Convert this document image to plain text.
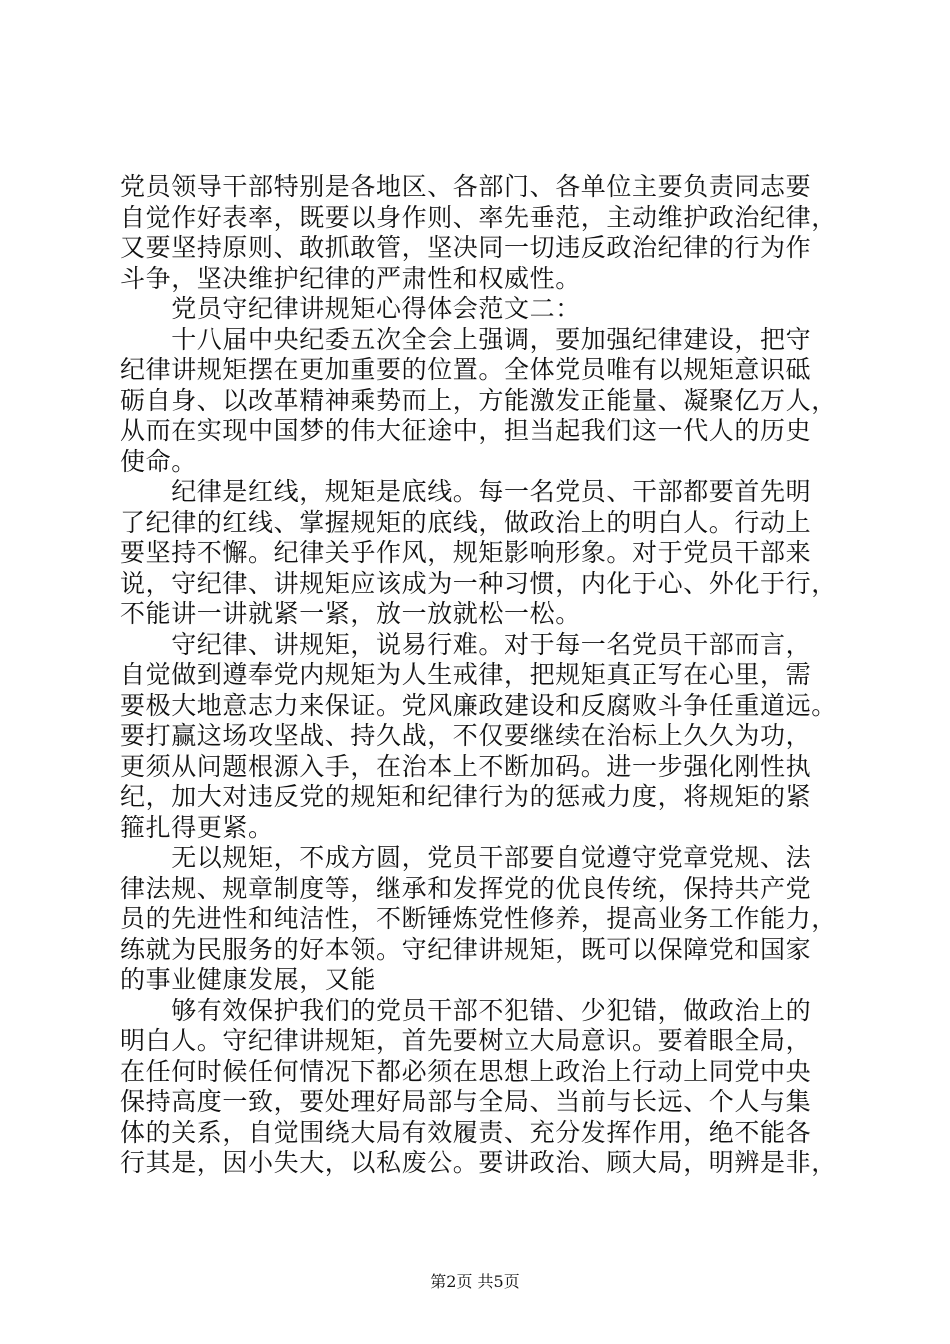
党员领导干部特别是各地区、各部门、各单位主要负责同志要
自觉作好表率，既要以身作则、率先垂范，主动维护政治纪律，
又要坚持原则、敢抓敢管，坚决同一切违反政治纪律的行为作
斗争，坚决维护纪律的严肃性和权威性。
　　党员守纪律讲规矩心得体会范文二：
　　十八届中央纪委五次全会上强调，要加强纪律建设，把守
纪律讲规矩摆在更加重要的位置。全体党员唯有以规矩意识砥
砺自身、以改革精神乘势而上，方能激发正能量、凝聚亿万人，
从而在实现中国梦的伟大征途中，担当起我们这一代人的历史
使命。
　　纪律是红线，规矩是底线。每一名党员、干部都要首先明
了纪律的红线、掌握规矩的底线，做政治上的明白人。行动上
要坚持不懈。纪律关乎作风，规矩影响形象。对于党员干部来
说，守纪律、讲规矩应该成为一种习惯，内化于心、外化于行，
不能讲一讲就紧一紧，放一放就松一松。
　　守纪律、讲规矩，说易行难。对于每一名党员干部而言，
自觉做到遵奉党内规矩为人生戒律，把规矩真正写在心里，需
要极大地意志力来保证。党风廉政建设和反腐败斗争任重道远。
要打赢这场攻坚战、持久战，不仅要继续在治标上久久为功，
更须从问题根源入手，在治本上不断加码。进一步强化刚性执
纪，加大对违反党的规矩和纪律行为的惩戒力度，将规矩的紧
箍扎得更紧。
　　无以规矩，不成方圆，党员干部要自觉遵守党章党规、法
律法规、规章制度等，继承和发挥党的优良传统，保持共产党
员的先进性和纯洁性，不断锤炼党性修养，提高业务工作能力，
练就为民服务的好本领。守纪律讲规矩，既可以保障党和国家
的事业健康发展，又能
　　够有效保护我们的党员干部不犯错、少犯错，做政治上的
明白人。守纪律讲规矩，首先要树立大局意识。要着眼全局，
在任何时候任何情况下都必须在思想上政治上行动上同党中央
保持高度一致，要处理好局部与全局、当前与长远、个人与集
体的关系，自觉围绕大局有效履责、充分发挥作用，绝不能各
行其是，因小失大，以私废公。要讲政治、顾大局，明辨是非，
第2页 共5页
